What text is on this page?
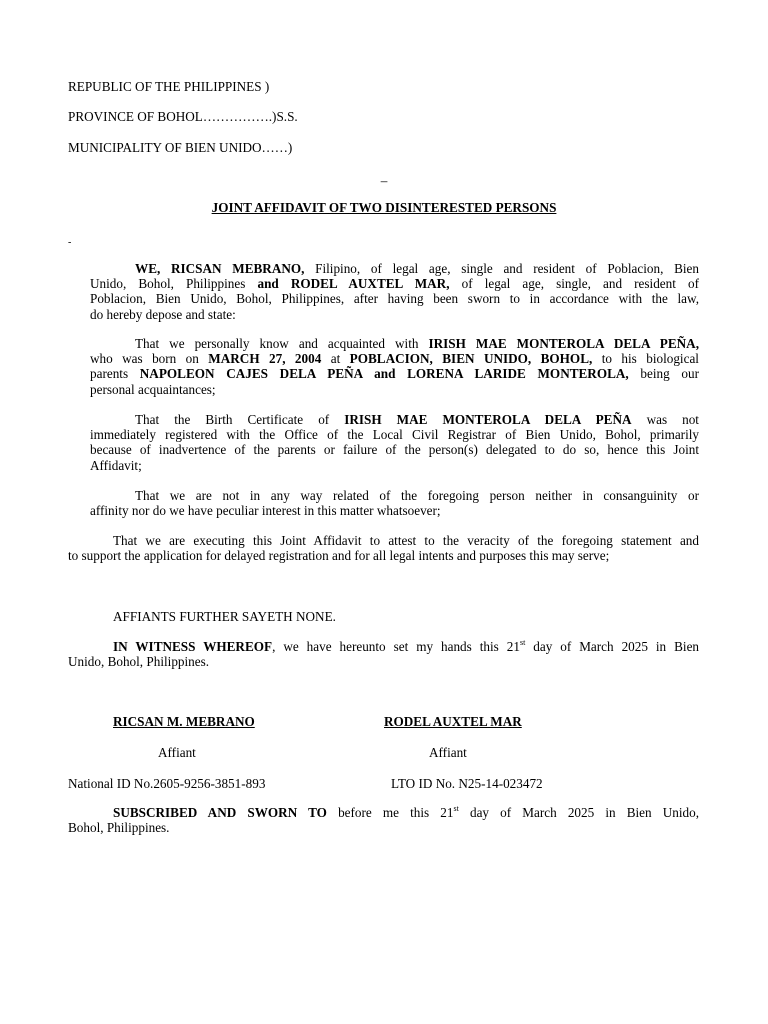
REPUBLIC OF THE PHILIPPINES )
PROVINCE OF BOHOL…………….)S.S.
MUNICIPALITY OF BIEN UNIDO……)
–
JOINT AFFIDAVIT OF TWO DISINTERESTED PERSONS
-
WE, RICSAN MEBRANO, Filipino, of legal age, single and resident of Poblacion, Bien
Unido, Bohol, Philippines and RODEL AUXTEL MAR, of legal age, single, and resident of
Poblacion, Bien Unido, Bohol, Philippines, after having been sworn to in accordance with the law,
do hereby depose and state:
That we personally know and acquainted with IRISH MAE MONTEROLA DELA PEÑA,
who was born on MARCH 27, 2004 at POBLACION, BIEN UNIDO, BOHOL, to his biological
parents NAPOLEON CAJES DELA PEÑA and LORENA LARIDE MONTEROLA, being our
personal acquaintances;
That the Birth Certificate of IRISH MAE MONTEROLA DELA PEÑA was not
immediately registered with the Office of the Local Civil Registrar of Bien Unido, Bohol, primarily
because of inadvertence of the parents or failure of the person(s) delegated to do so, hence this Joint
Affidavit;
That we are not in any way related of the foregoing person neither in consanguinity or
affinity nor do we have peculiar interest in this matter whatsoever;
That we are executing this Joint Affidavit to attest to the veracity of the foregoing statement and
to support the application for delayed registration and for all legal intents and purposes this may serve;
AFFIANTS FURTHER SAYETH NONE.
IN WITNESS WHEREOF, we have hereunto set my hands this 21st day of March 2025 in Bien
Unido, Bohol, Philippines.
RICSAN M. MEBRANO	RODEL AUXTEL MAR
Affiant	Affiant
National ID No.2605-9256-3851-893	LTO ID No. N25-14-023472
SUBSCRIBED AND SWORN TO before me this 21st day of March 2025 in Bien Unido,
Bohol, Philippines.
